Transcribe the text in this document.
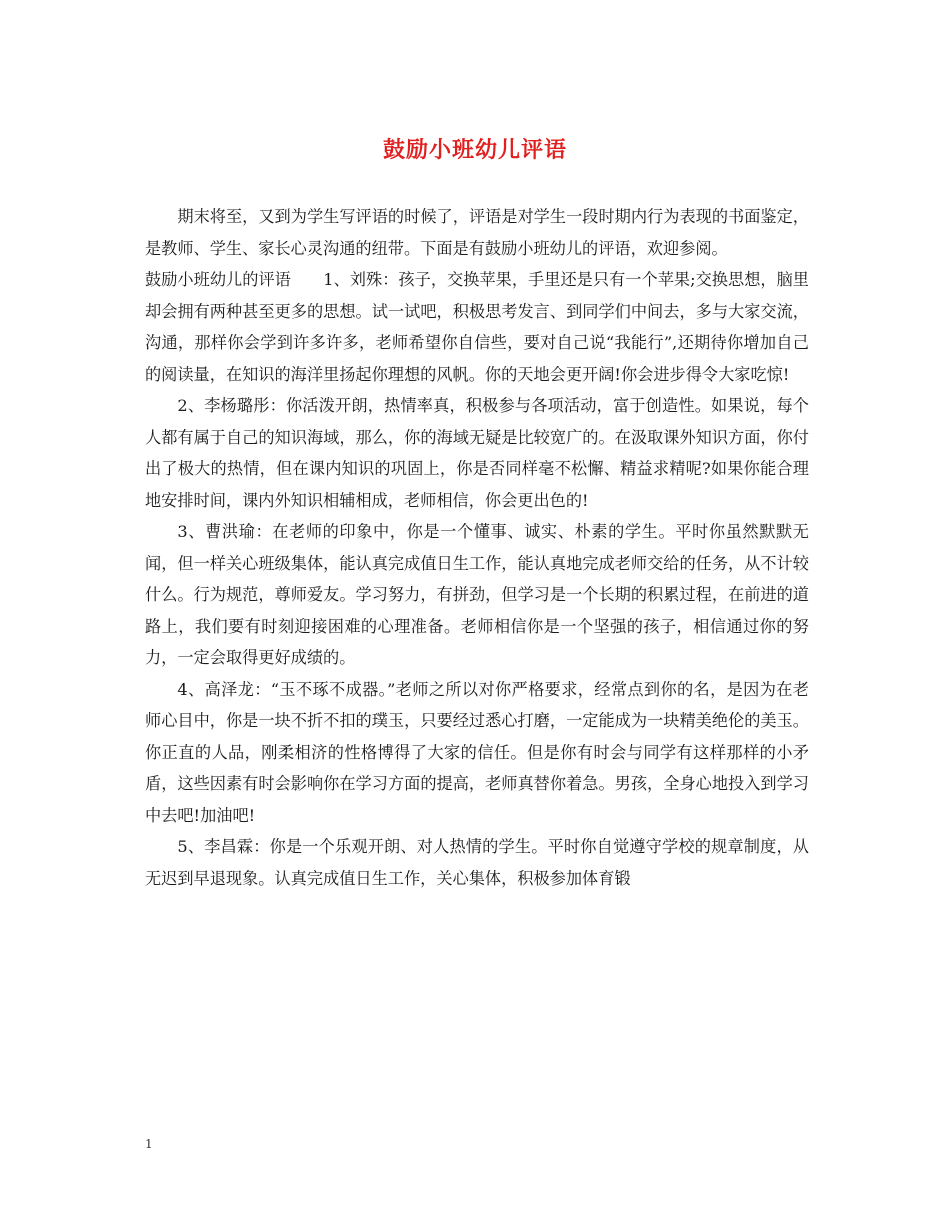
鼓励小班幼儿评语

期末将至，又到为学生写评语的时候了，评语是对学生一段时期内行为表现的书面鉴定，是教师、学生、家长心灵沟通的纽带。下面是有鼓励小班幼儿的评语，欢迎参阅。

鼓励小班幼儿的评语　　1、刘殊：孩子，交换苹果，手里还是只有一个苹果;交换思想，脑里却会拥有两种甚至更多的思想。试一试吧，积极思考发言、到同学们中间去，多与大家交流，沟通，那样你会学到许多许多，老师希望你自信些，要对自己说“我能行”,还期待你增加自己的阅读量，在知识的海洋里扬起你理想的风帆。你的天地会更开阔!你会进步得令大家吃惊!

2、李杨璐彤：你活泼开朗，热情率真，积极参与各项活动，富于创造性。如果说，每个人都有属于自己的知识海域，那么，你的海域无疑是比较宽广的。在汲取课外知识方面，你付出了极大的热情，但在课内知识的巩固上，你是否同样毫不松懈、精益求精呢?如果你能合理地安排时间，课内外知识相辅相成，老师相信，你会更出色的!

3、曹洪瑜：在老师的印象中，你是一个懂事、诚实、朴素的学生。平时你虽然默默无闻，但一样关心班级集体，能认真完成值日生工作，能认真地完成老师交给的任务，从不计较什么。行为规范，尊师爱友。学习努力，有拼劲，但学习是一个长期的积累过程，在前进的道路上，我们要有时刻迎接困难的心理准备。老师相信你是一个坚强的孩子，相信通过你的努力，一定会取得更好成绩的。

4、高泽龙：“玉不琢不成器。”老师之所以对你严格要求，经常点到你的名，是因为在老师心目中，你是一块不折不扣的璞玉，只要经过悉心打磨，一定能成为一块精美绝伦的美玉。你正直的人品，刚柔相济的性格博得了大家的信任。但是你有时会与同学有这样那样的小矛盾，这些因素有时会影响你在学习方面的提高，老师真替你着急。男孩，全身心地投入到学习中去吧!加油吧!

5、李昌霖：你是一个乐观开朗、对人热情的学生。平时你自觉遵守学校的规章制度，从无迟到早退现象。认真完成值日生工作，关心集体，积极参加体育锻

1
